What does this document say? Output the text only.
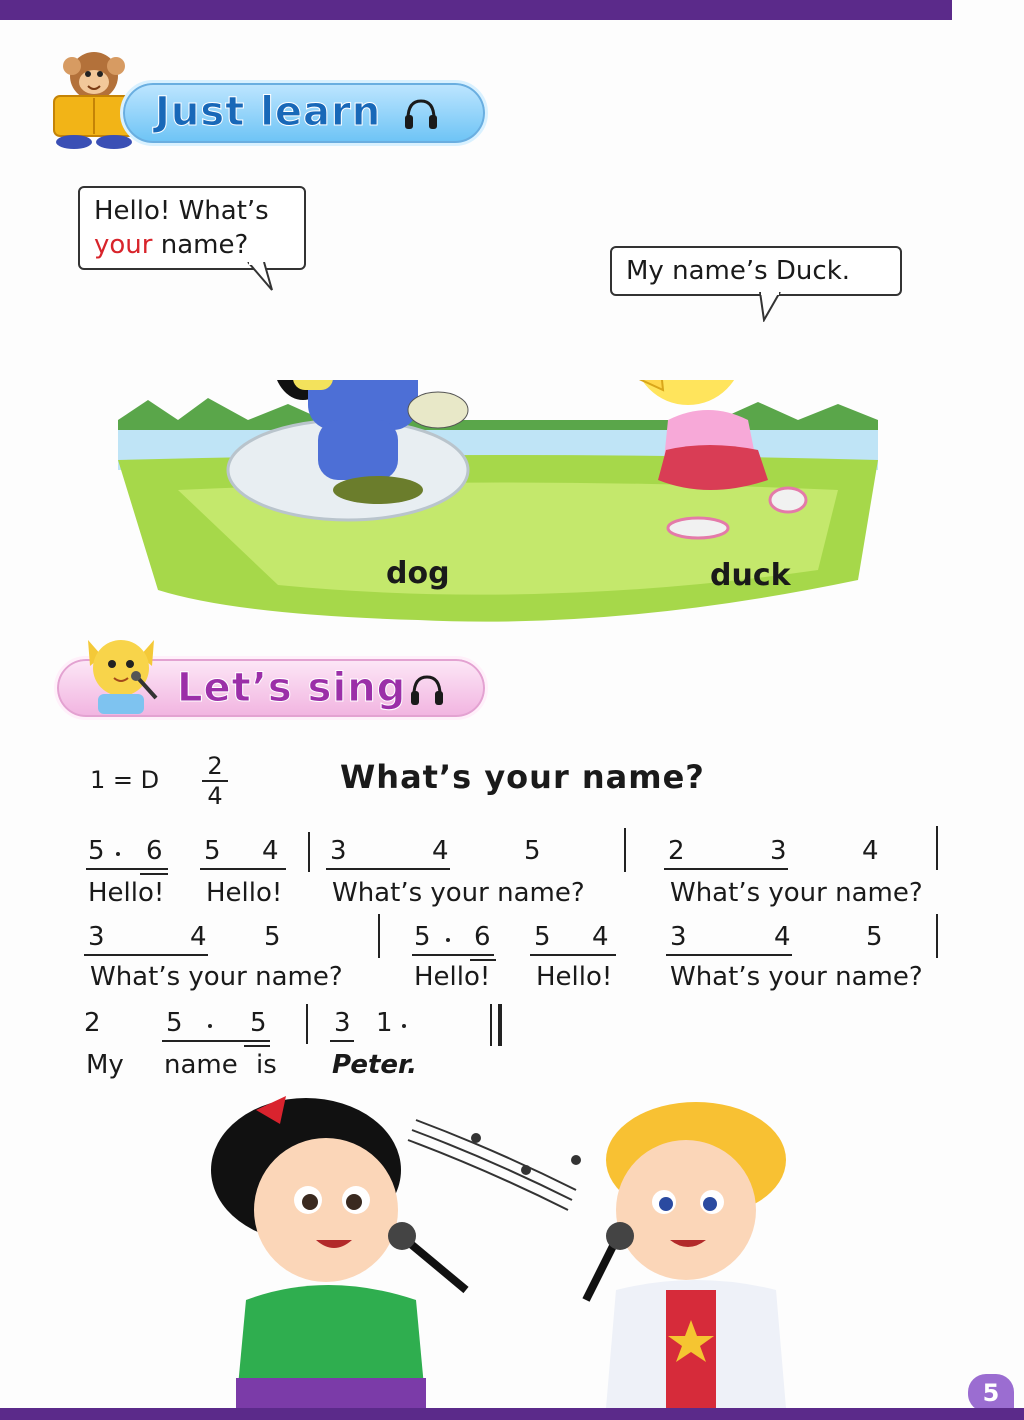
Just learn
Hello! What’s
your name?
My name’s Duck.
dog	duck
Let’s sing
1 = D	2
4	What’s your name?
5 6 5 4 3	4	5	2	3	4
Hello! Hello! What’s your name?	What’s your name?
3	4 5	5 6 5 4 3	4	5
What’s your name?	Hello! Hello! What’s your name?
2	5	5	3 1
My name is Peter.
5
